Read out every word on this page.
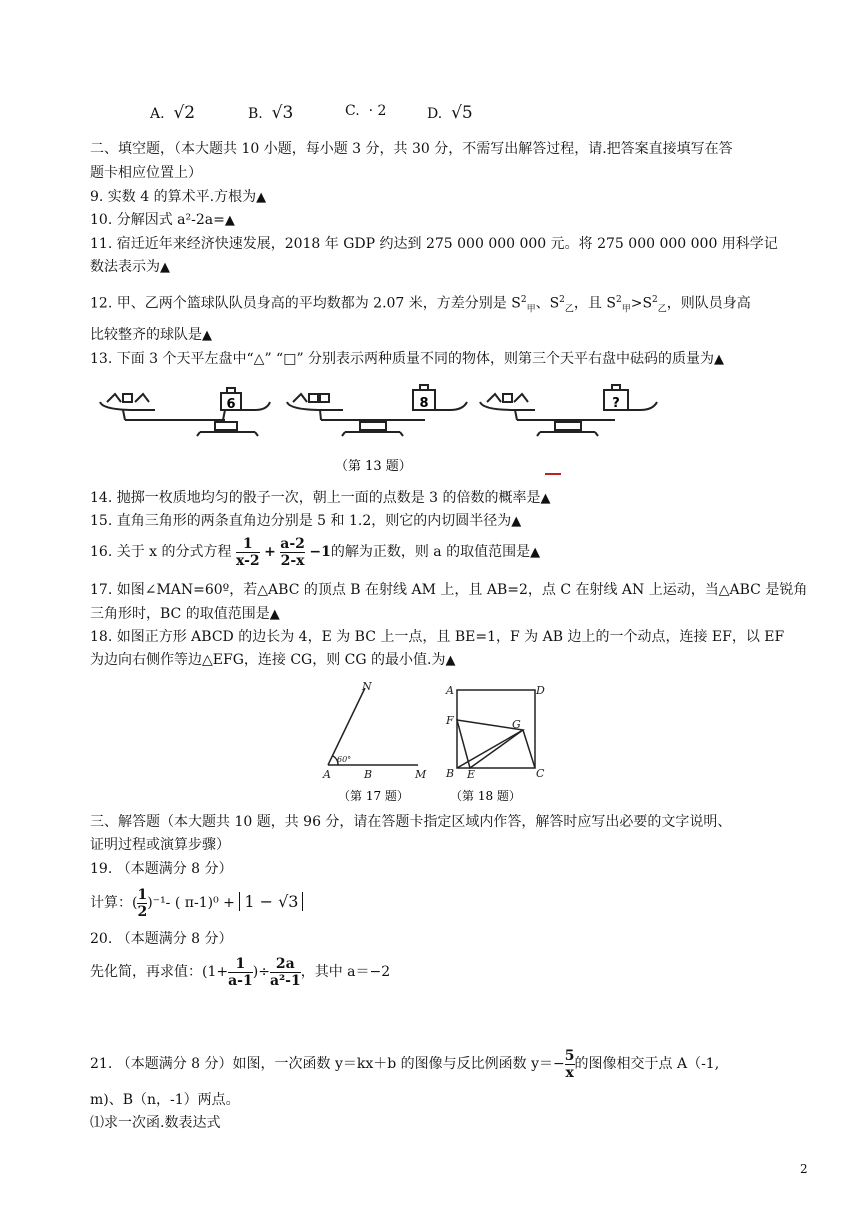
A. √2	B. √3	C.  · 2	D. √5
二、填空题，（本大题共 10 小题，每小题 3 分，共 30 分，不需写出解答过程，请.把答案直接填写在答
题卡相应位置上）
9. 实数 4 的算术平.方根为▲
10. 分解因式 a²-2a=▲
11. 宿迁近年来经济快速发展，2018 年 GDP 约达到 275 000 000 000 元。将 275 000 000 000 用科学记
数法表示为▲
12. 甲、乙两个篮球队队员身高的平均数都为 2.07 米，方差分别是 $S^2_甲$、$S^2_乙$，且 $S^2_甲>S^2_乙$，则队员身高
比较整齐的球队是▲
13. 下面 3 个天平左盘中“△” “□” 分别表示两种质量不同的物体，则第三个天平右盘中砝码的质量为▲
6	8	?
（第 13 题）
14. 抛掷一枚质地均匀的骰子一次，朝上一面的点数是 3 的倍数的概率是▲
15. 直角三角形的两条直角边分别是 5 和 1.2，则它的内切圆半径为▲
16. 关于 x 的分式方程 $\frac{1}{x-2} + \frac{a-2}{2-x} -1$的解为正数，则 a 的取值范围是▲
17. 如图∠MAN=60º，若△ABC 的顶点 B 在射线 AM 上，且 AB=2，点 C 在射线 AN 上运动，当△ABC 是锐角
三角形时，BC 的取值范围是▲
18. 如图正方形 ABCD 的边长为 4，E 为 BC 上一点，且 BE=1，F 为 AB 边上的一个动点，连接 EF，以 EF
为边向右侧作等边△EFG，连接 CG，则 CG 的最小值.为▲
N
A	B	M
60°
（第 17 题）
A	D
F	G
B E	C
（第 18 题）
三、解答题（本大题共 10 题，共 96 分，请在答题卡指定区域内作答，解答时应写出必要的文字说明、
证明过程或演算步骤）
19. （本题满分 8 分）
计算：( $\frac{1}{2} )^{-1}-$ ( π-1)⁰ + 1 − √3
20. （本题满分 8 分）
先化简，再求值：($1+ \frac{1}{a-1}$ )÷ $\frac{2a}{\text{a²-1}}$ ，其中 a＝−2
21. （本题满分 8 分）如图，一次函数 y＝kx＋b 的图像与反比例函数 $y=- \frac{5}{x}$ 的图像相交于点 A（-1,
m)、B（n，-1）两点。
⑴求一次函.数表达式
2
